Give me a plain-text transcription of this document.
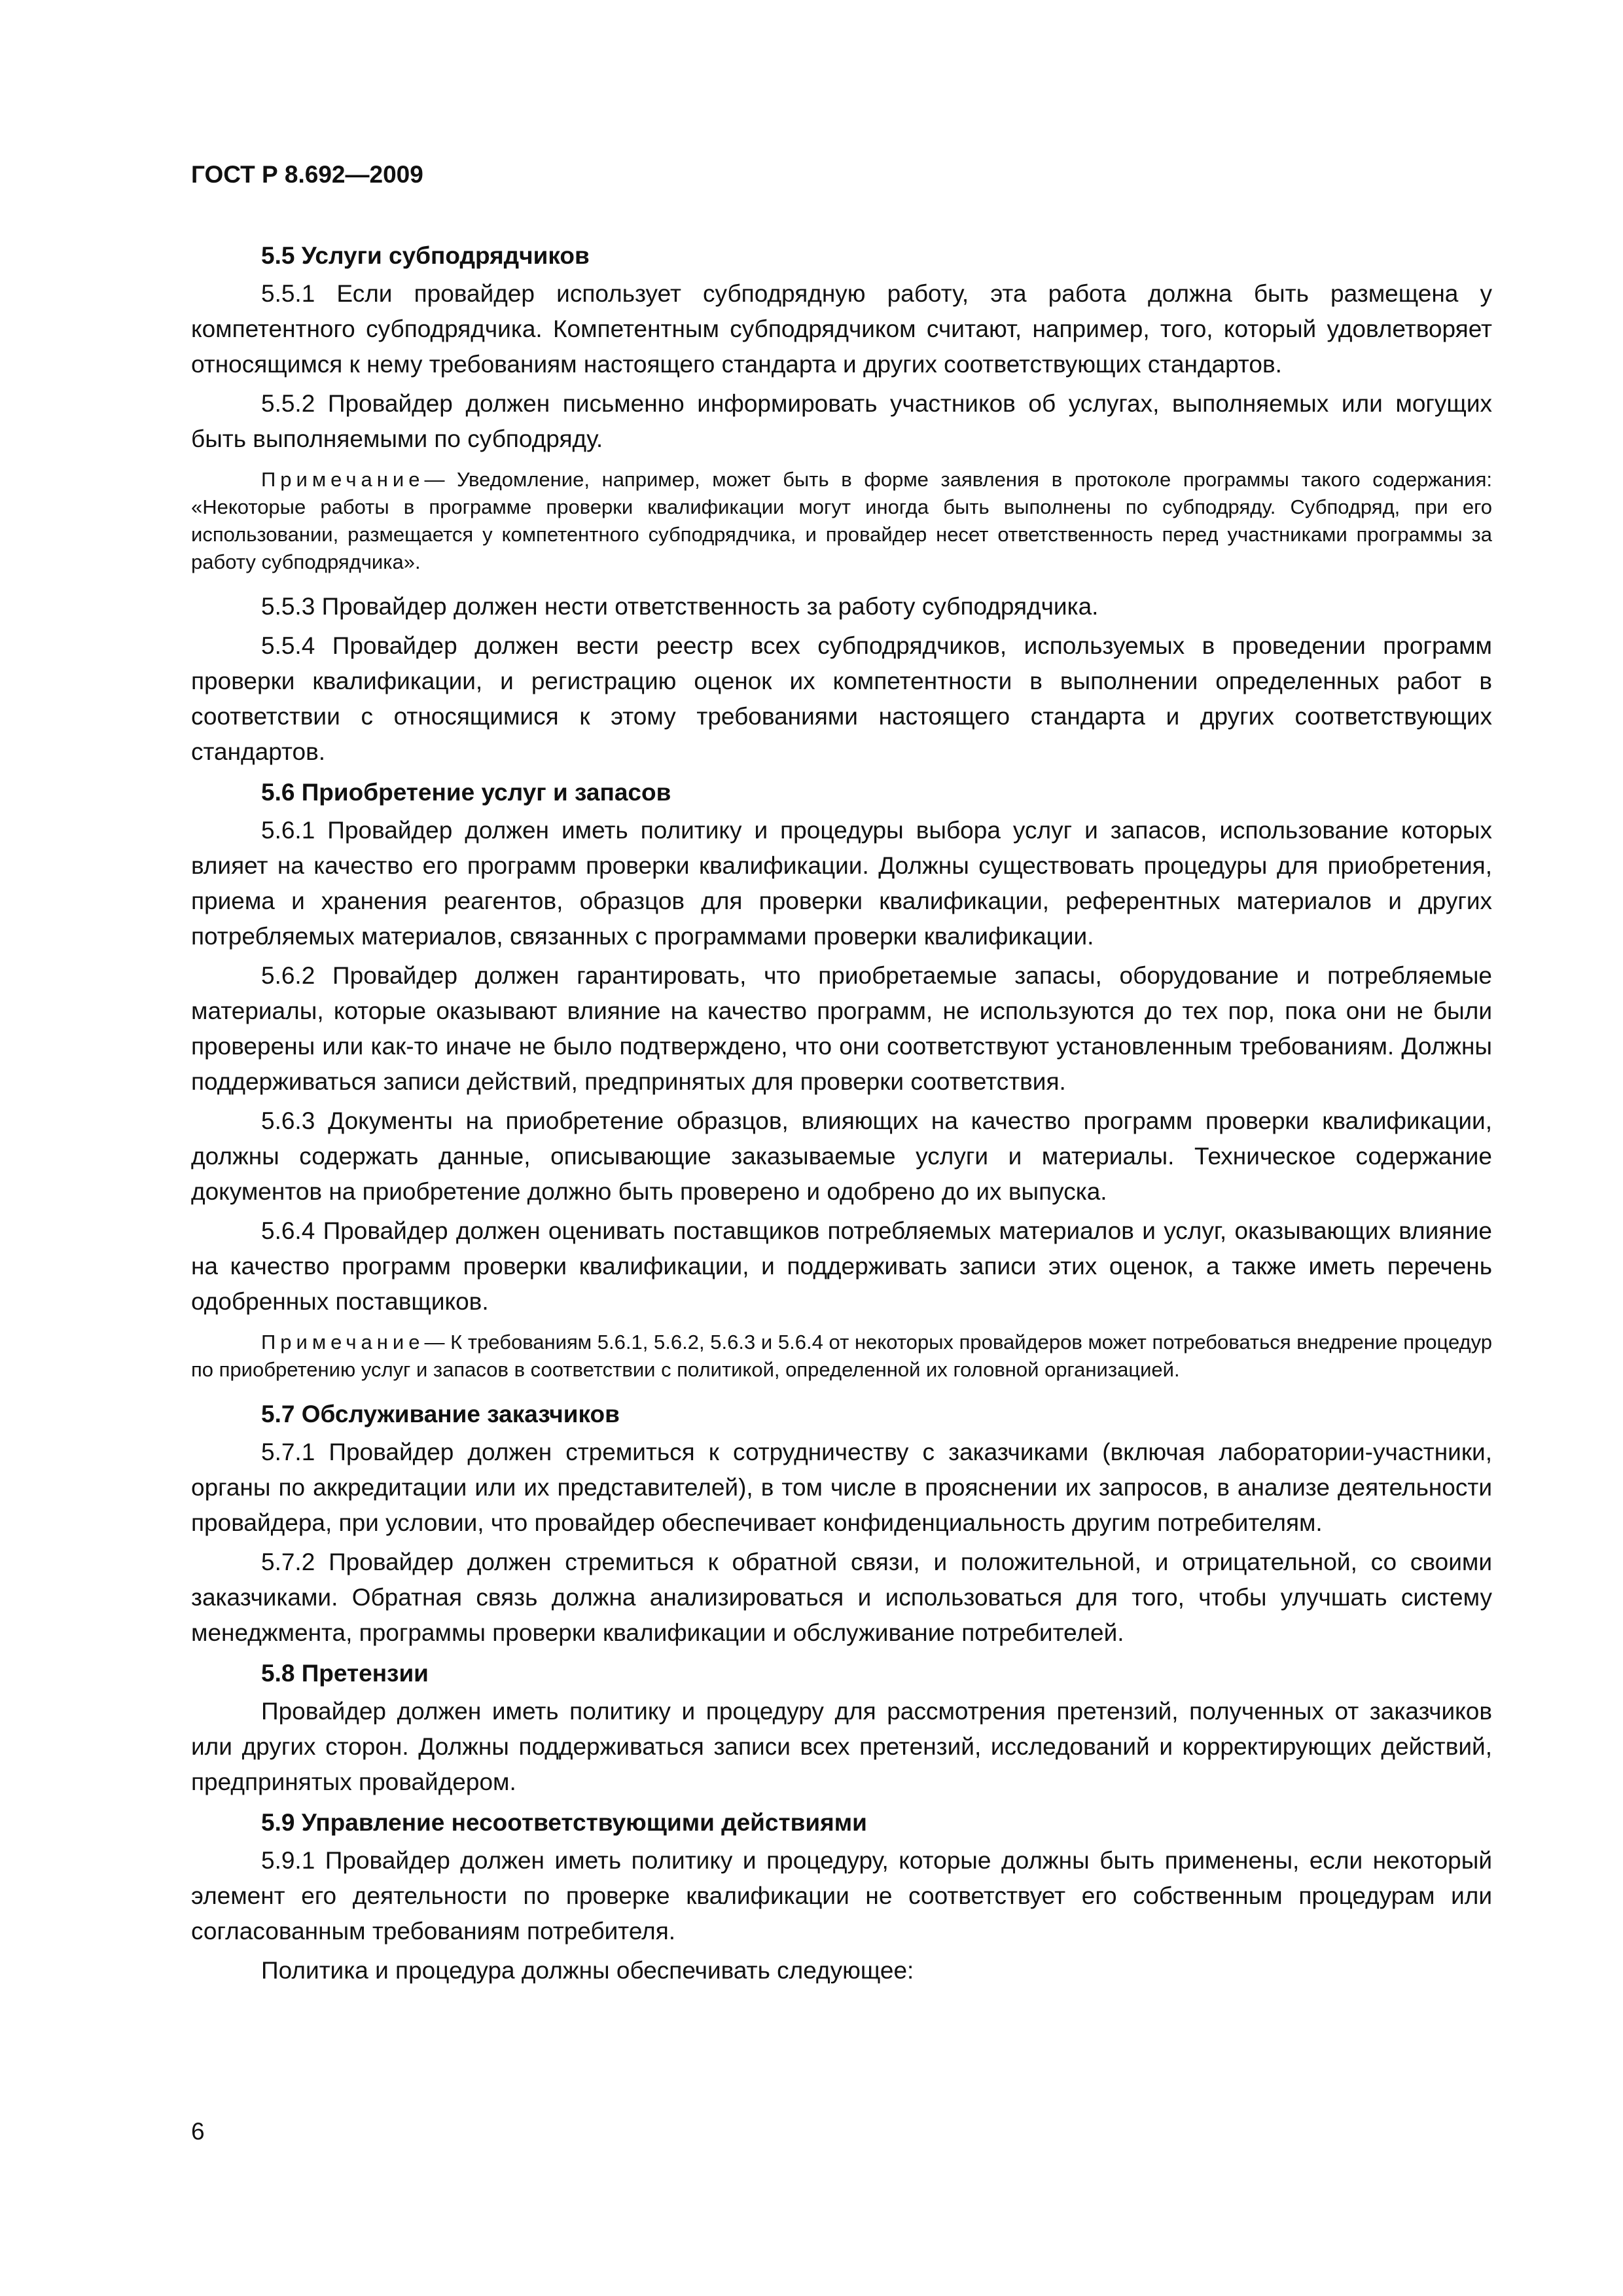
ГОСТ Р 8.692—2009
5.5 Услуги субподрядчиков

5.5.1 Если провайдер использует субподрядную работу, эта работа должна быть размещена у компетентного субподрядчика. Компетентным субподрядчиком считают, например, того, который удовлетворяет относящимся к нему требованиям настоящего стандарта и других соответствующих стандартов.

5.5.2 Провайдер должен письменно информировать участников об услугах, выполняемых или могущих быть выполняемыми по субподряду.

Примечание— Уведомление, например, может быть в форме заявления в протоколе программы такого содержания: «Некоторые работы в программе проверки квалификации могут иногда быть выполнены по субподряду. Субподряд, при его использовании, размещается у компетентного субподрядчика, и провайдер несет ответственность перед участниками программы за работу субподрядчика».

5.5.3 Провайдер должен нести ответственность за работу субподрядчика.

5.5.4 Провайдер должен вести реестр всех субподрядчиков, используемых в проведении программ проверки квалификации, и регистрацию оценок их компетентности в выполнении определенных работ в соответствии с относящимися к этому требованиями настоящего стандарта и других соответствующих стандартов.

5.6 Приобретение услуг и запасов

5.6.1 Провайдер должен иметь политику и процедуры выбора услуг и запасов, использование которых влияет на качество его программ проверки квалификации. Должны существовать процедуры для приобретения, приема и хранения реагентов, образцов для проверки квалификации, референтных материалов и других потребляемых материалов, связанных с программами проверки квалификации.

5.6.2 Провайдер должен гарантировать, что приобретаемые запасы, оборудование и потребляемые материалы, которые оказывают влияние на качество программ, не используются до тех пор, пока они не были проверены или как-то иначе не было подтверждено, что они соответствуют установленным требованиям. Должны поддерживаться записи действий, предпринятых для проверки соответствия.

5.6.3 Документы на приобретение образцов, влияющих на качество программ проверки квалификации, должны содержать данные, описывающие заказываемые услуги и материалы. Техническое содержание документов на приобретение должно быть проверено и одобрено до их выпуска.

5.6.4 Провайдер должен оценивать поставщиков потребляемых материалов и услуг, оказывающих влияние на качество программ проверки квалификации, и поддерживать записи этих оценок, а также иметь перечень одобренных поставщиков.

Примечание— К требованиям 5.6.1, 5.6.2, 5.6.3 и 5.6.4 от некоторых провайдеров может потребоваться внедрение процедур по приобретению услуг и запасов в соответствии с политикой, определенной их головной организацией.
5.7 Обслуживание заказчиков

5.7.1 Провайдер должен стремиться к сотрудничеству с заказчиками (включая лаборатории-участники, органы по аккредитации или их представителей), в том числе в прояснении их запросов, в анализе деятельности провайдера, при условии, что провайдер обеспечивает конфиденциальность другим потребителям.

5.7.2 Провайдер должен стремиться к обратной связи, и положительной, и отрицательной, со своими заказчиками. Обратная связь должна анализироваться и использоваться для того, чтобы улучшать систему менеджмента, программы проверки квалификации и обслуживание потребителей.

5.8 Претензии

Провайдер должен иметь политику и процедуру для рассмотрения претензий, полученных от заказчиков или других сторон. Должны поддерживаться записи всех претензий, исследований и корректирующих действий, предпринятых провайдером.

5.9 Управление несоответствующими действиями

5.9.1 Провайдер должен иметь политику и процедуру, которые должны быть применены, если некоторый элемент его деятельности по проверке квалификации не соответствует его собственным процедурам или согласованным требованиям потребителя.

Политика и процедура должны обеспечивать следующее:

6
